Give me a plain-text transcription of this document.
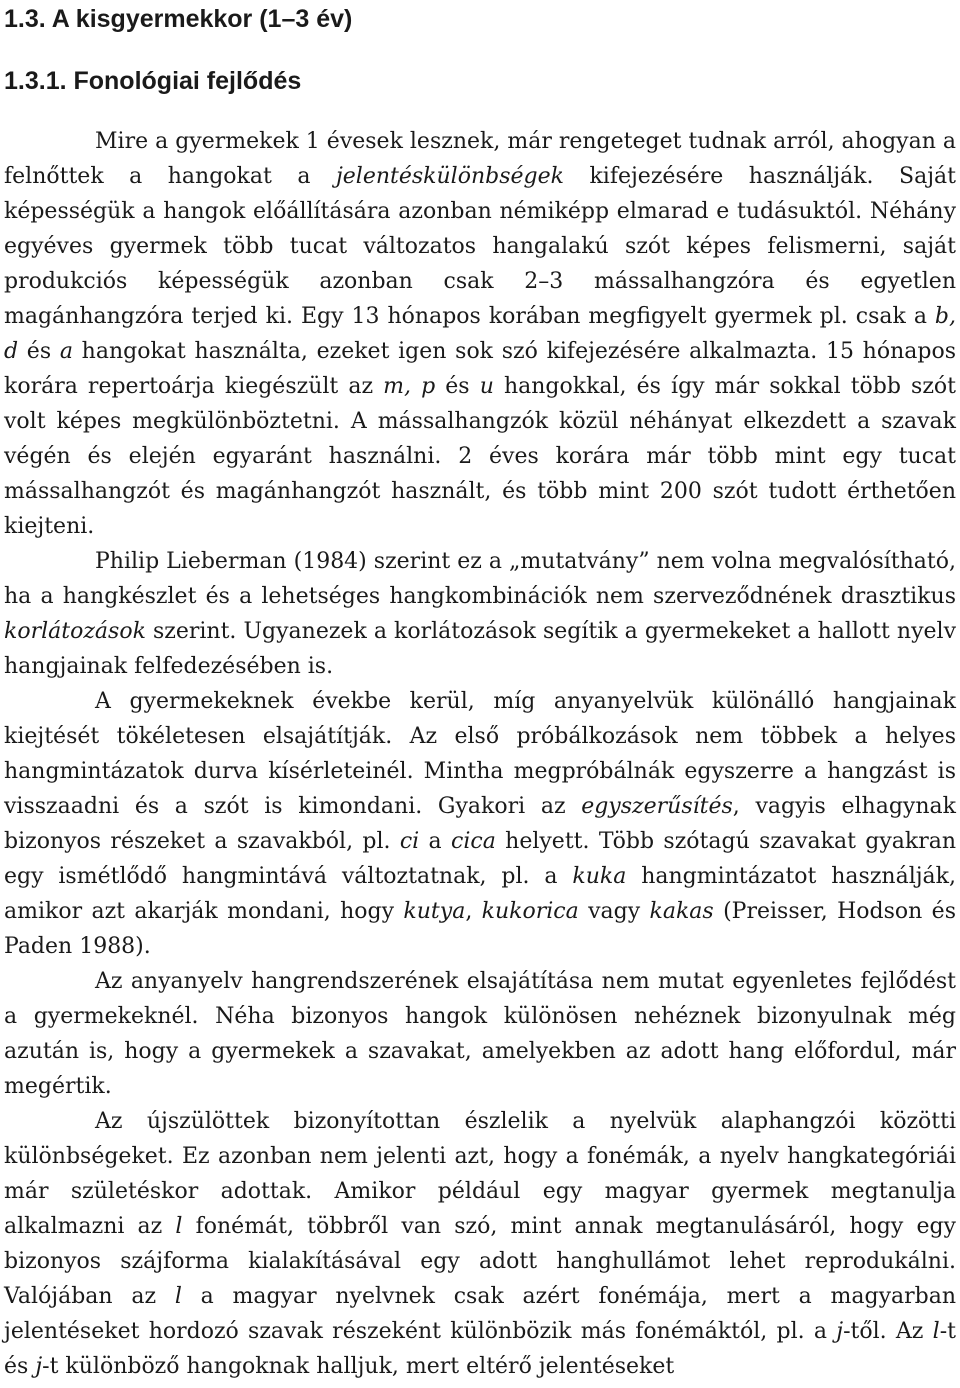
1.3. A kisgyermekkor (1–3 év)
1.3.1. Fonológiai fejlődés

Mire a gyermekek 1 évesek lesznek, már rengeteget tudnak arról, ahogyan a felnőttek a hangokat a jelentéskülönbségek kifejezésére használják. Saját képességük a hangok előállítására azonban némiképp elmarad e tudásuktól. Néhány egyéves gyermek több tucat változatos hangalakú szót képes felismerni, saját produkciós képességük azonban csak 2–3 mássalhangzóra és egyetlen magánhangzóra terjed ki. Egy 13 hónapos korában megfigyelt gyermek pl. csak a b, d és a hangokat használta, ezeket igen sok szó kifejezésére alkalmazta. 15 hónapos korára repertoárja kiegészült az m, p és u hangokkal, és így már sokkal több szót volt képes megkülönböztetni. A mássalhangzók közül néhányat elkezdett a szavak végén és elején egyaránt használni. 2 éves korára már több mint egy tucat mássalhangzót és magánhangzót használt, és több mint 200 szót tudott érthetően kiejteni.

Philip Lieberman (1984) szerint ez a „mutatvány” nem volna megvalósítható, ha a hangkészlet és a lehetséges hangkombinációk nem szerveződnének drasztikus korlátozások szerint. Ugyanezek a korlátozások segítik a gyermekeket a hallott nyelv hangjainak felfedezésében is.

A gyermekeknek évekbe kerül, míg anyanyelvük különálló hangjainak kiejtését tökéletesen elsajátítják. Az első próbálkozások nem többek a helyes hangmintázatok durva kísérleteinél. Mintha megpróbálnák egyszerre a hangzást is visszaadni és a szót is kimondani. Gyakori az egyszerűsítés, vagyis elhagynak bizonyos részeket a szavakból, pl. ci a cica helyett. Több szótagú szavakat gyakran egy ismétlődő hangmintává változtatnak, pl. a kuka hangmintázatot használják, amikor azt akarják mondani, hogy kutya, kukorica vagy kakas (Preisser, Hodson és Paden 1988).

Az anyanyelv hangrendszerének elsajátítása nem mutat egyenletes fejlődést a gyermekeknél. Néha bizonyos hangok különösen nehéznek bizonyulnak még azután is, hogy a gyermekek a szavakat, amelyekben az adott hang előfordul, már megértik.

Az újszülöttek bizonyítottan észlelik a nyelvük alaphangzói közötti különbségeket. Ez azonban nem jelenti azt, hogy a fonémák, a nyelv hangkategóriái már születéskor adottak. Amikor például egy magyar gyermek megtanulja alkalmazni az l fonémát, többről van szó, mint annak megtanulásáról, hogy egy bizonyos szájforma kialakításával egy adott hanghullámot lehet reprodukálni. Valójában az l a magyar nyelvnek csak azért fonémája, mert a magyarban jelentéseket hordozó szavak részeként különbözik más fonémáktól, pl. a j-től. Az l-t és j-t különböző hangoknak halljuk, mert eltérő jelentéseket
